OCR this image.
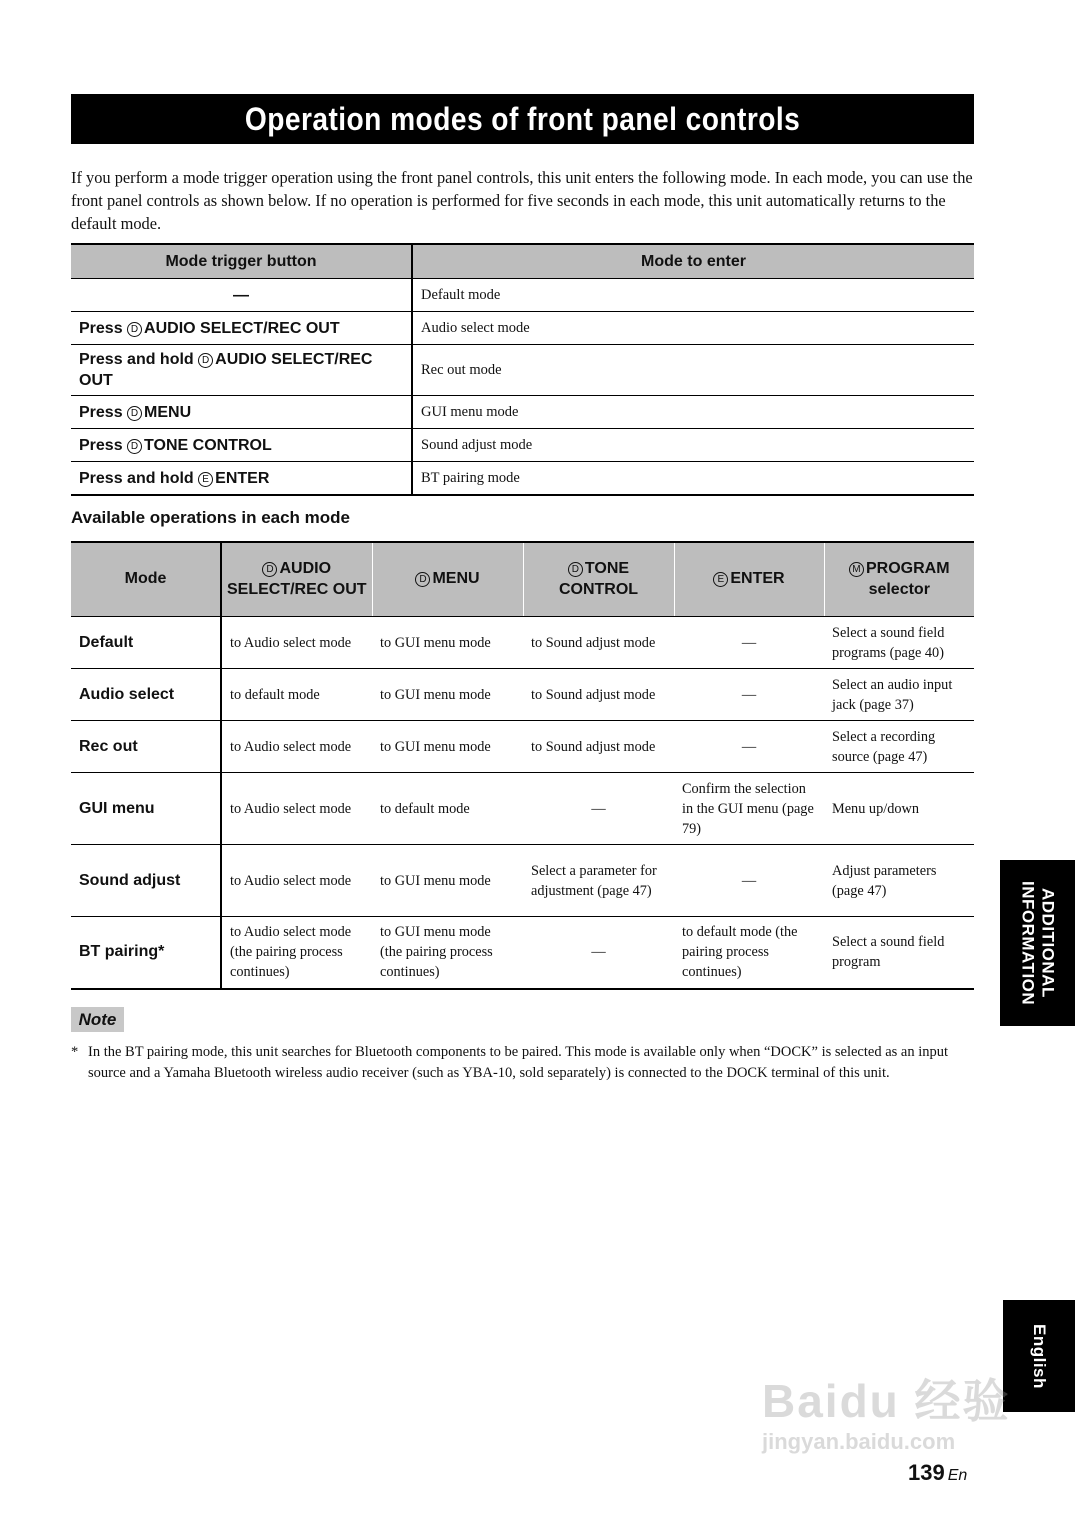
Operation modes of front panel controls

If you perform a mode trigger operation using the front panel controls, this unit enters the following mode. In each mode, you can use the front panel controls as shown below. If no operation is performed for five seconds in each mode, this unit automatically returns to the default mode.

Mode trigger button	Mode to enter
—	Default mode
Press D AUDIO SELECT/REC OUT	Audio select mode
Press and hold D AUDIO SELECT/REC OUT	Rec out mode
Press D MENU	GUI menu mode
Press D TONE CONTROL	Sound adjust mode
Press and hold E ENTER	BT pairing mode
Available operations in each mode
Mode	D AUDIO SELECT/REC OUT	D MENU	D TONE CONTROL	E ENTER	M PROGRAM selector
Default	to Audio select mode	to GUI menu mode	to Sound adjust mode	—	Select a sound field programs (page 40)
Audio select	to default mode	to GUI menu mode	to Sound adjust mode	—	Select an audio input jack (page 37)
Rec out	to Audio select mode	to GUI menu mode	to Sound adjust mode	—	Select a recording source (page 47)
GUI menu	to Audio select mode	to default mode	—	Confirm the selection in the GUI menu (page 79)	Menu up/down
Sound adjust	to Audio select mode	to GUI menu mode	Select a parameter for adjustment (page 47)	—	Adjust parameters (page 47)
BT pairing*	to Audio select mode (the pairing process continues)	to GUI menu mode (the pairing process continues)	—	to default mode (the pairing process continues)	Select a sound field program
Note
* In the BT pairing mode, this unit searches for Bluetooth components to be paired. This mode is available only when “DOCK” is selected as an input source and a Yamaha Bluetooth wireless audio receiver (such as YBA-10, sold separately) is connected to the DOCK terminal of this unit.
ADDITIONAL
INFORMATION
English
Baidu 经验
jingyan.baidu.com
139 En
